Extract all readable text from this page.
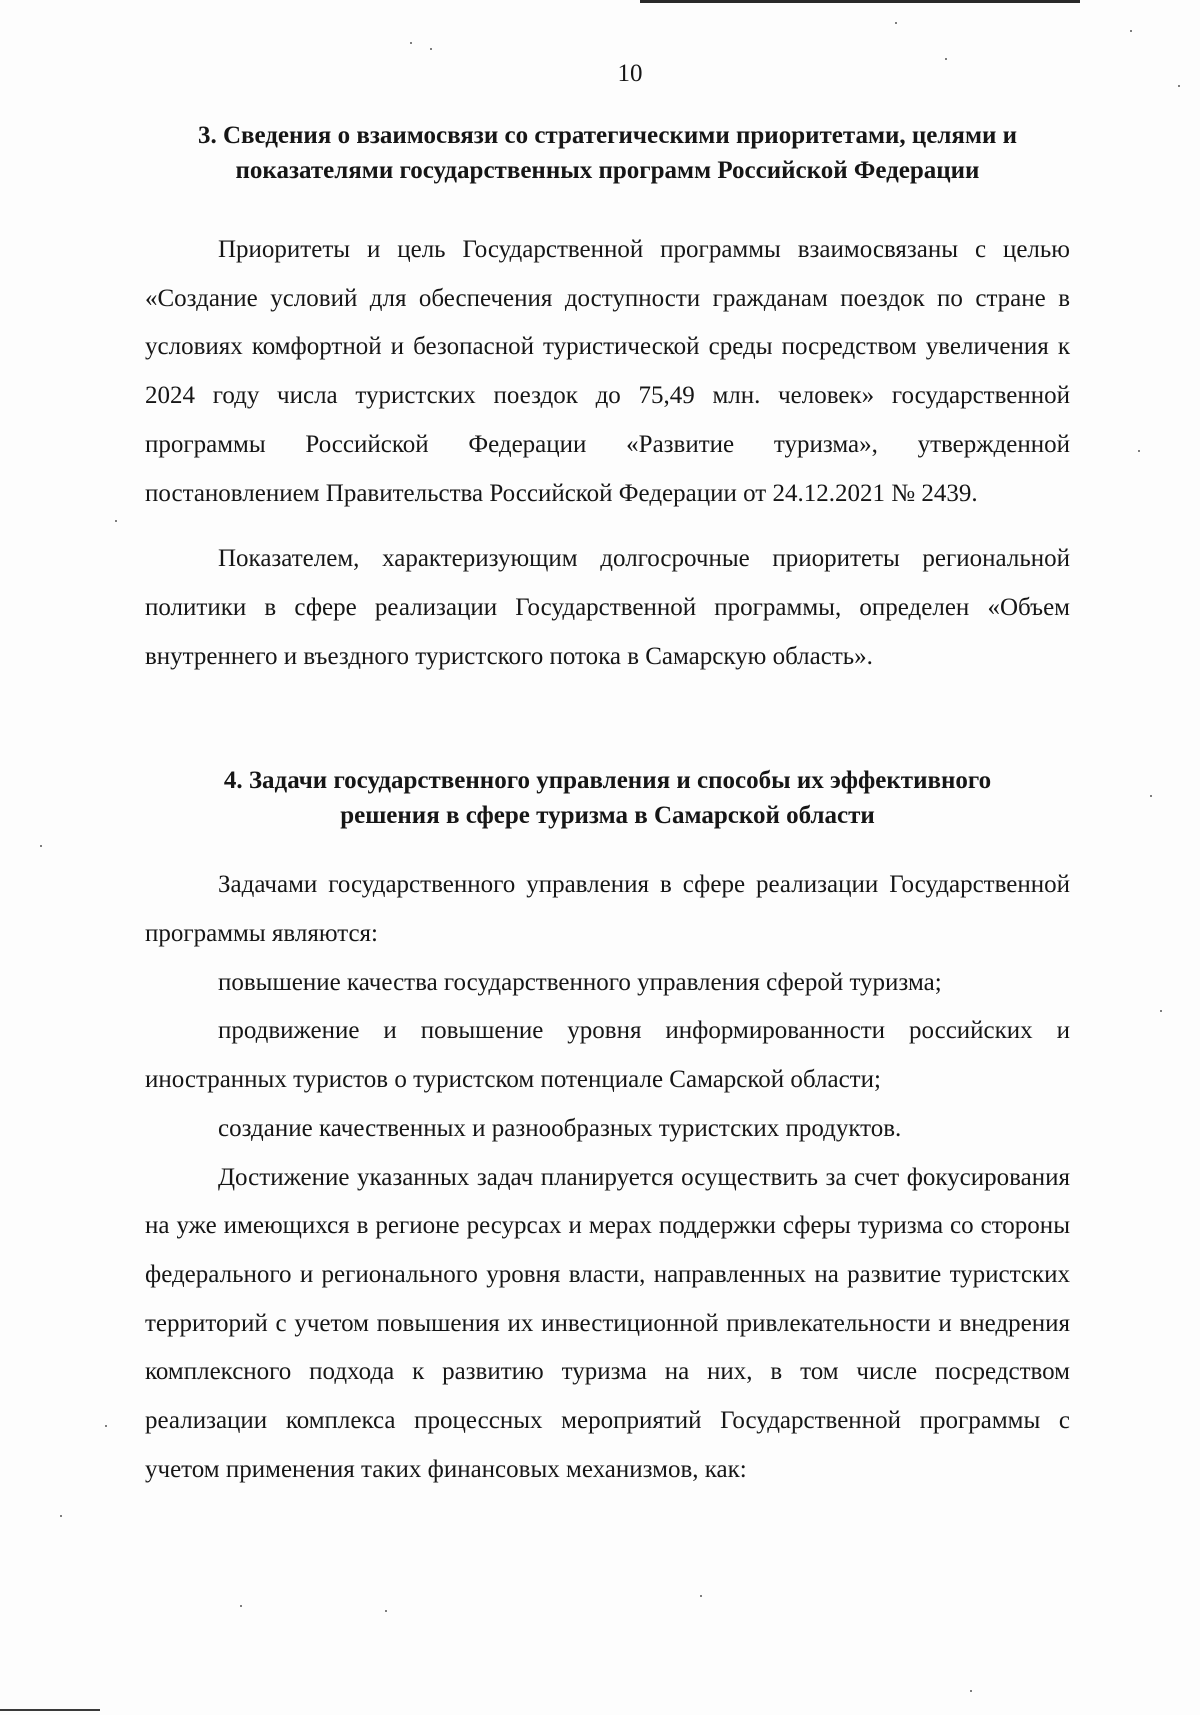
10
3. Сведения о взаимосвязи со стратегическими приоритетами, целями и
показателями государственных программ Российской Федерации

Приоритеты и цель Государственной программы взаимосвязаны с целью «Создание условий для обеспечения доступности гражданам поездок по стране в условиях комфортной и безопасной туристической среды посредством увеличения к 2024 году числа туристских поездок до 75,49 млн. человек» государственной программы Российской Федерации «Развитие туризма», утвержденной постановлением Правительства Российской Федерации от 24.12.2021 № 2439.

Показателем, характеризующим долгосрочные приоритеты региональной политики в сфере реализации Государственной программы, определен «Объем внутреннего и въездного туристского потока в Самарскую область».

4. Задачи государственного управления и способы их эффективного
решения в сфере туризма в Самарской области

Задачами государственного управления в сфере реализации Государственной программы являются:

повышение качества государственного управления сферой туризма;

продвижение и повышение уровня информированности российских и иностранных туристов о туристском потенциале Самарской области;

создание качественных и разнообразных туристских продуктов.

Достижение указанных задач планируется осуществить за счет фокусирования на уже имеющихся в регионе ресурсах и мерах поддержки сферы туризма со стороны федерального и регионального уровня власти, направленных на развитие туристских территорий с учетом повышения их инвестиционной привлекательности и внедрения комплексного подхода к развитию туризма на них, в том числе посредством реализации комплекса процессных мероприятий Государственной программы с учетом применения таких финансовых механизмов, как:
